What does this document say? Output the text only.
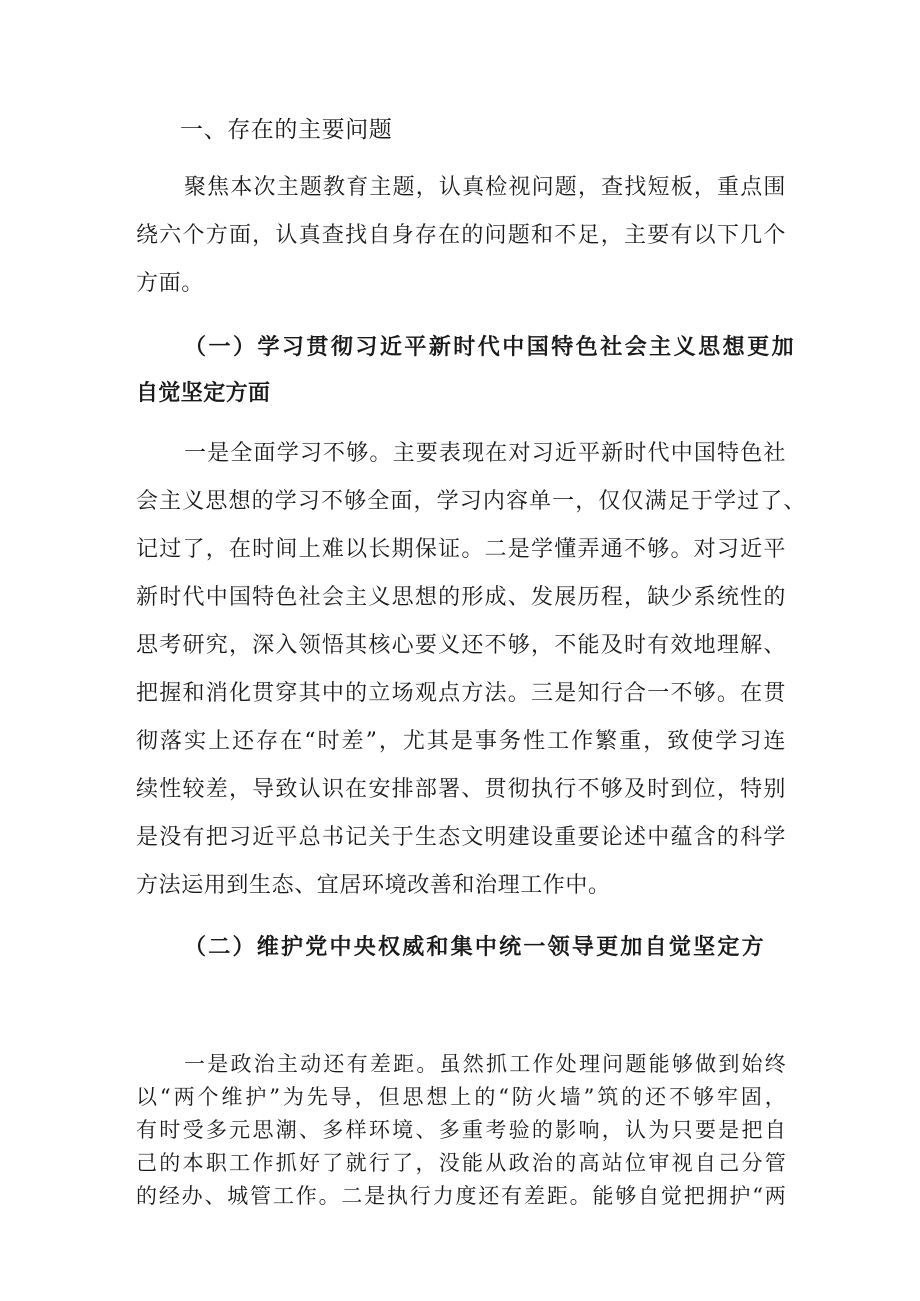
一、存在的主要问题
聚焦本次主题教育主题，认真检视问题，查找短板，重点围
绕六个方面，认真查找自身存在的问题和不足，主要有以下几个
方面。
（一）学习贯彻习近平新时代中国特色社会主义思想更加
自觉坚定方面
一是全面学习不够。主要表现在对习近平新时代中国特色社
会主义思想的学习不够全面，学习内容单一，仅仅满足于学过了、
记过了，在时间上难以长期保证。二是学懂弄通不够。对习近平
新时代中国特色社会主义思想的形成、发展历程，缺少系统性的
思考研究，深入领悟其核心要义还不够，不能及时有效地理解、
把握和消化贯穿其中的立场观点方法。三是知行合一不够。在贯
彻落实上还存在“时差”，尤其是事务性工作繁重，致使学习连
续性较差，导致认识在安排部署、贯彻执行不够及时到位，特别
是没有把习近平总书记关于生态文明建设重要论述中蕴含的科学
方法运用到生态、宜居环境改善和治理工作中。
（二）维护党中央权威和集中统一领导更加自觉坚定方
一是政治主动还有差距。虽然抓工作处理问题能够做到始终
以“两个维护”为先导，但思想上的“防火墙”筑的还不够牢固，
有时受多元思潮、多样环境、多重考验的影响，认为只要是把自
己的本职工作抓好了就行了，没能从政治的高站位审视自己分管
的经办、城管工作。二是执行力度还有差距。能够自觉把拥护“两
